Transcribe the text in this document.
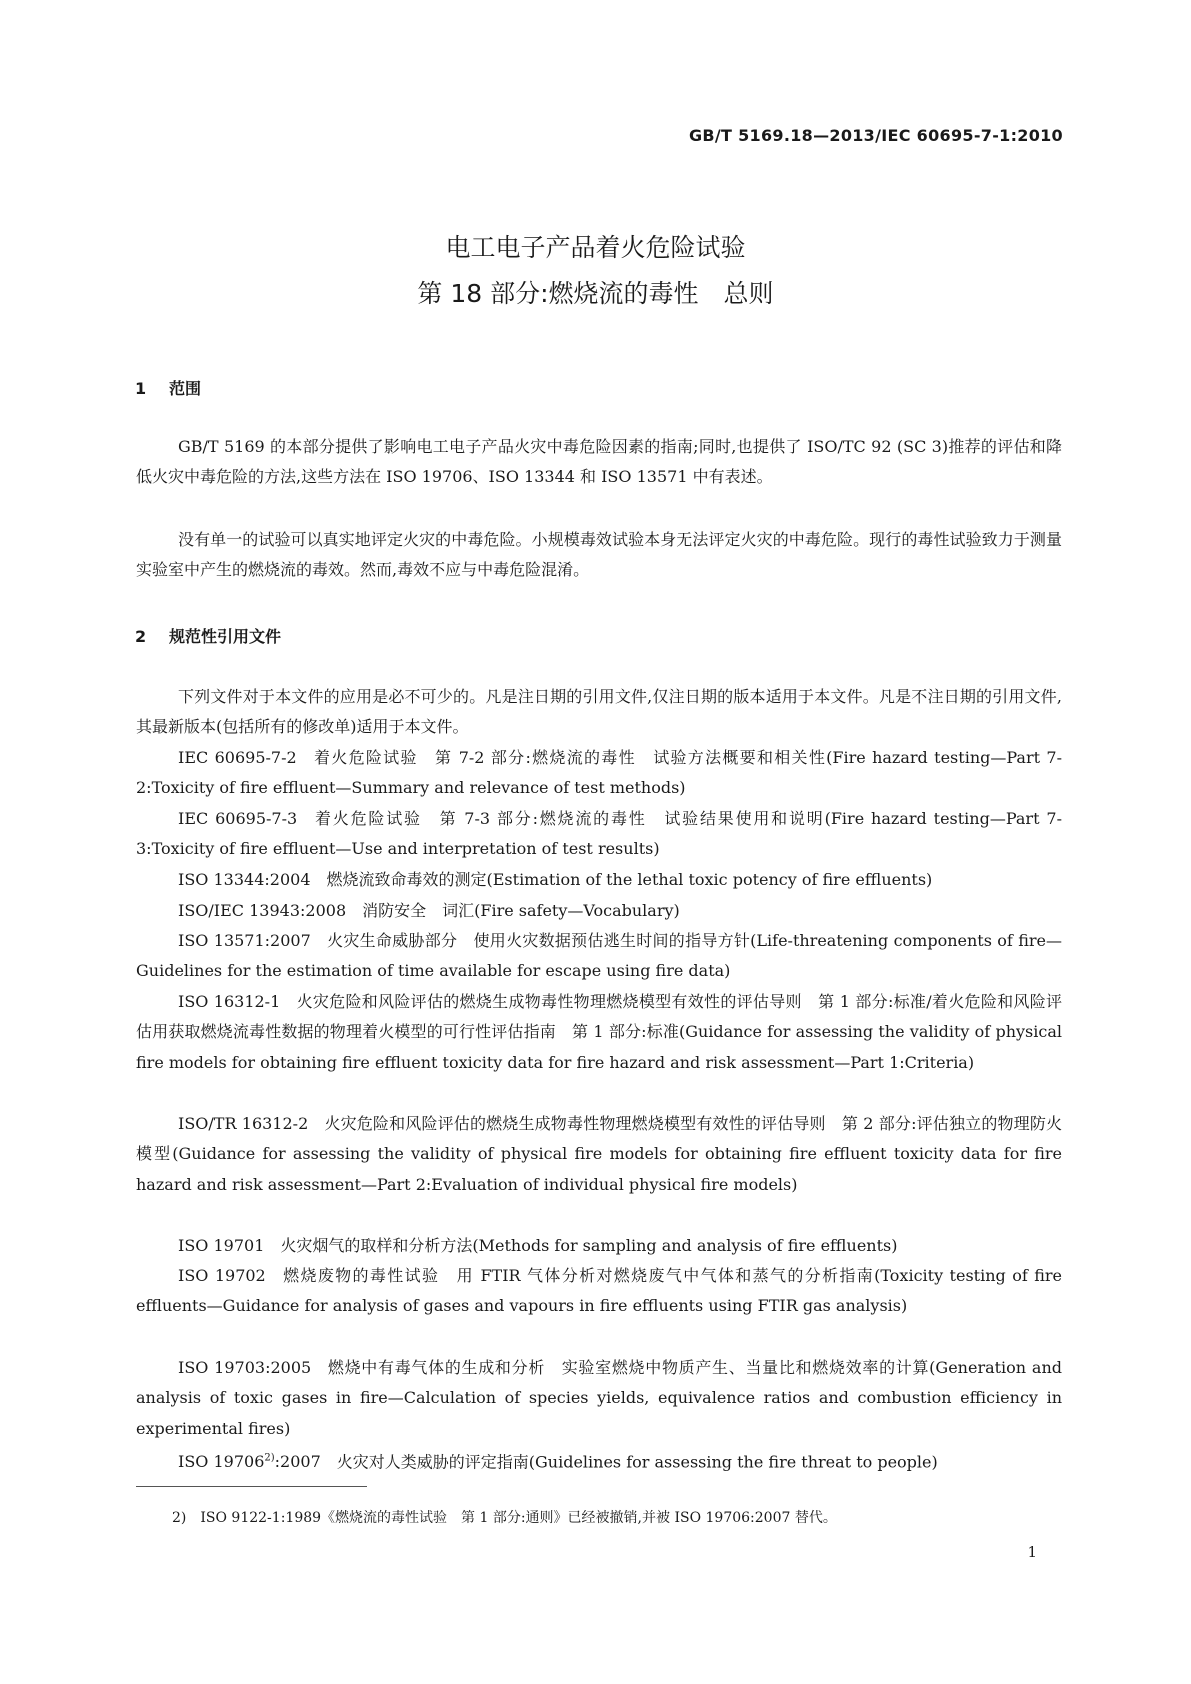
GB/T 5169.18—2013/IEC 60695-7-1:2010
电工电子产品着火危险试验
第 18 部分:燃烧流的毒性　总则
1 范围
GB/T 5169 的本部分提供了影响电工电子产品火灾中毒危险因素的指南;同时,也提供了 ISO/TC 92 (SC 3)推荐的评估和降低火灾中毒危险的方法,这些方法在 ISO 19706、ISO 13344 和 ISO 13571 中有表述。
没有单一的试验可以真实地评定火灾的中毒危险。小规模毒效试验本身无法评定火灾的中毒危险。现行的毒性试验致力于测量实验室中产生的燃烧流的毒效。然而,毒效不应与中毒危险混淆。
2 规范性引用文件
下列文件对于本文件的应用是必不可少的。凡是注日期的引用文件,仅注日期的版本适用于本文件。凡是不注日期的引用文件,其最新版本(包括所有的修改单)适用于本文件。
IEC 60695-7-2 着火危险试验　第 7-2 部分:燃烧流的毒性　试验方法概要和相关性(Fire hazard testing—Part 7-2:Toxicity of fire effluent—Summary and relevance of test methods)
IEC 60695-7-3 着火危险试验　第 7-3 部分:燃烧流的毒性　试验结果使用和说明(Fire hazard testing—Part 7-3:Toxicity of fire effluent—Use and interpretation of test results)
ISO 13344:2004 燃烧流致命毒效的测定(Estimation of the lethal toxic potency of fire effluents)
ISO/IEC 13943:2008 消防安全　词汇(Fire safety—Vocabulary)
ISO 13571:2007 火灾生命威胁部分　使用火灾数据预估逃生时间的指导方针(Life-threatening components of fire—Guidelines for the estimation of time available for escape using fire data)
ISO 16312-1 火灾危险和风险评估的燃烧生成物毒性物理燃烧模型有效性的评估导则　第 1 部分:标准/着火危险和风险评估用获取燃烧流毒性数据的物理着火模型的可行性评估指南　第 1 部分:标准(Guidance for assessing the validity of physical fire models for obtaining fire effluent toxicity data for fire hazard and risk assessment—Part 1:Criteria)
ISO/TR 16312-2 火灾危险和风险评估的燃烧生成物毒性物理燃烧模型有效性的评估导则　第 2 部分:评估独立的物理防火模型(Guidance for assessing the validity of physical fire models for obtaining fire effluent toxicity data for fire hazard and risk assessment—Part 2:Evaluation of individual physical fire models)
ISO 19701 火灾烟气的取样和分析方法(Methods for sampling and analysis of fire effluents)
ISO 19702 燃烧废物的毒性试验　用 FTIR 气体分析对燃烧废气中气体和蒸气的分析指南(Toxicity testing of fire effluents—Guidance for analysis of gases and vapours in fire effluents using FTIR gas analysis)
ISO 19703:2005 燃烧中有毒气体的生成和分析　实验室燃烧中物质产生、当量比和燃烧效率的计算(Generation and analysis of toxic gases in fire—Calculation of species yields, equivalence ratios and combustion efficiency in experimental fires)
ISO 19706$^{2)}$:2007 火灾对人类威胁的评定指南(Guidelines for assessing the fire threat to people)
2) ISO 9122-1:1989《燃烧流的毒性试验　第 1 部分:通则》已经被撤销,并被 ISO 19706:2007 替代。
1
